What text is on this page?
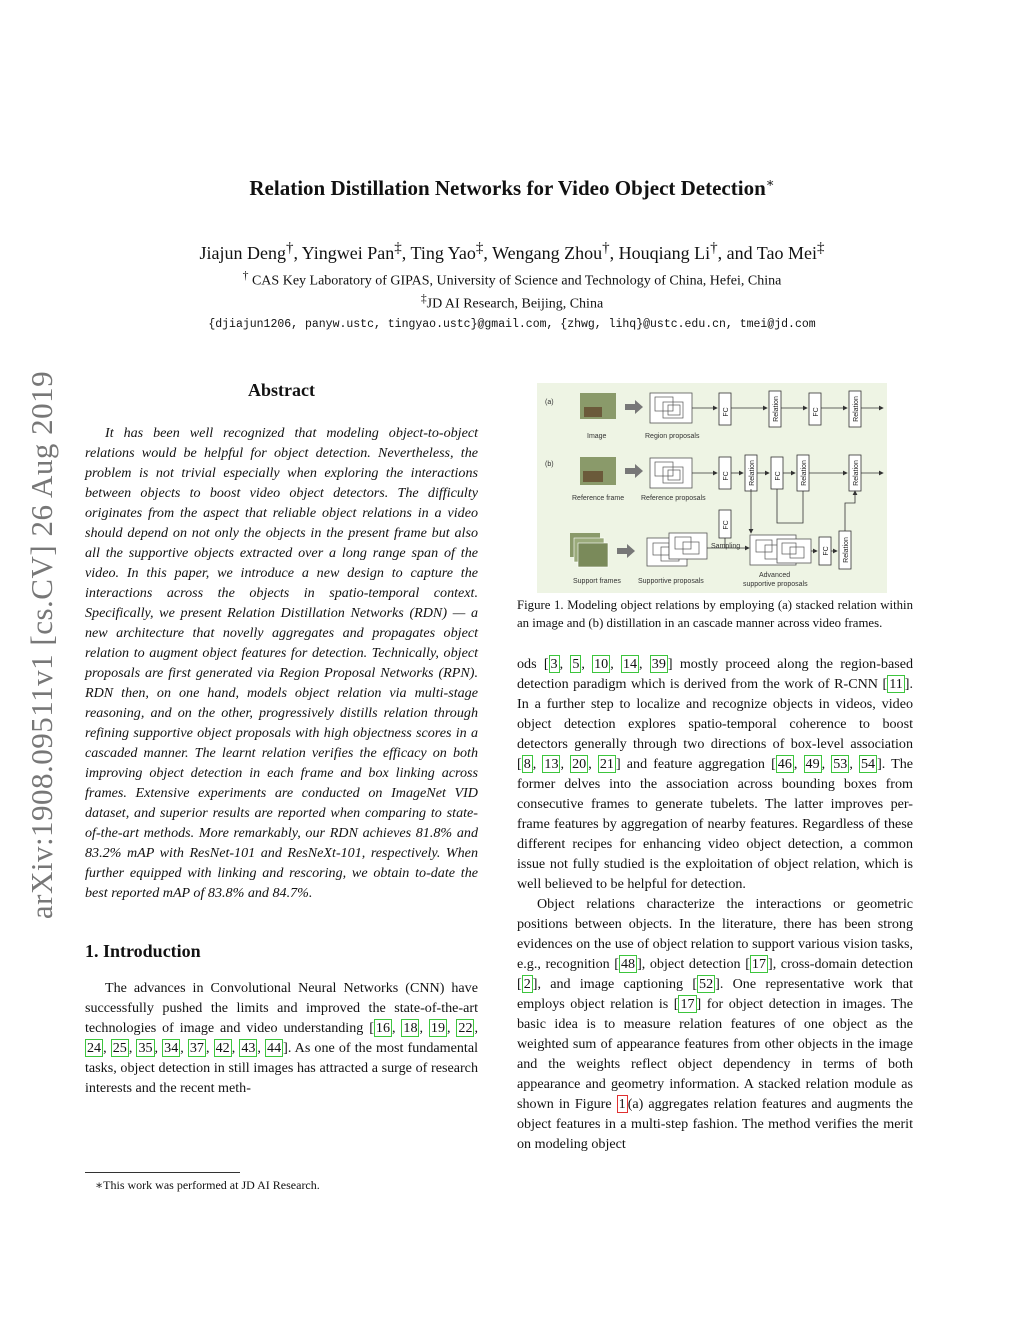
arXiv:1908.09511v1 [cs.CV] 26 Aug 2019
Relation Distillation Networks for Video Object Detection∗
Jiajun Deng†, Yingwei Pan‡, Ting Yao‡, Wengang Zhou†, Houqiang Li†, and Tao Mei‡
† CAS Key Laboratory of GIPAS, University of Science and Technology of China, Hefei, China
‡JD AI Research, Beijing, China
{djiajun1206, panyw.ustc, tingyao.ustc}@gmail.com, {zhwg, lihq}@ustc.edu.cn, tmei@jd.com
Abstract

It has been well recognized that modeling object-to-object relations would be helpful for object detection. Nevertheless, the problem is not trivial especially when exploring the interactions between objects to boost video object detectors. The difficulty originates from the aspect that reliable object relations in a video should depend on not only the objects in the present frame but also all the supportive objects extracted over a long range span of the video. In this paper, we introduce a new design to capture the interactions across the objects in spatio-temporal context. Specifically, we present Relation Distillation Networks (RDN) — a new architecture that novelly aggregates and propagates object relation to augment object features for detection. Technically, object proposals are first generated via Region Proposal Networks (RPN). RDN then, on one hand, models object relation via multi-stage reasoning, and on the other, progressively distills relation through refining supportive object proposals with high objectness scores in a cascaded manner. The learnt relation verifies the efficacy on both improving object detection in each frame and box linking across frames. Extensive experiments are conducted on ImageNet VID dataset, and superior results are reported when comparing to state-of-the-art methods. More remarkably, our RDN achieves 81.8% and 83.2% mAP with ResNet-101 and ResNeXt-101, respectively. When further equipped with linking and rescoring, we obtain to-date the best reported mAP of 83.8% and 84.7%.

1. Introduction

The advances in Convolutional Neural Networks (CNN) have successfully pushed the limits and improved the state-of-the-art technologies of image and video understanding [ 16 , 18 , 19 , 22 , 24 , 25 , 35 , 34 , 37 , 42 , 43 , 44 ]. As one of the most fundamental tasks, object detection in still images has attracted a surge of research interests and the recent meth-

∗This work was performed at JD AI Research.
(a)
(b)
Image	Region proposals
FC	Relation	FC	Relation
Reference frame Reference proposals
FC	Relation	FC	Relation	Relation
Support frames Supportive proposals
FC
Sampling
Advanced
supportive proposals
FC Relation

Figure 1. Modeling object relations by employing (a) stacked relation within an image and (b) distillation in an cascade manner across video frames.

ods [ 3 , 5 , 10 , 14 , 39 ] mostly proceed along the region-based detection paradigm which is derived from the work of R-CNN [ 11 ]. In a further step to localize and recognize objects in videos, video object detection explores spatio-temporal coherence to boost detectors generally through two directions of box-level association [ 8 , 13 , 20 , 21 ] and feature aggregation [ 46 , 49 , 53 , 54 ]. The former delves into the association across bounding boxes from consecutive frames to generate tubelets. The latter improves per-frame features by aggregation of nearby features. Regardless of these different recipes for enhancing video object detection, a common issue not fully studied is the exploitation of object relation, which is well believed to be helpful for detection.

Object relations characterize the interactions or geometric positions between objects. In the literature, there has been strong evidences on the use of object relation to support various vision tasks, e.g., recognition [ 48 ], object detection [ 17 ], cross-domain detection [ 2 ], and image captioning [ 52 ]. One representative work that employs object relation is [ 17 ] for object detection in images. The basic idea is to measure relation features of one object as the weighted sum of appearance features from other objects in the image and the weights reflect object dependency in terms of both appearance and geometry information. A stacked relation module as shown in Figure 1 (a) aggregates relation features and augments the object features in a multi-step fashion. The method verifies the merit on modeling object
